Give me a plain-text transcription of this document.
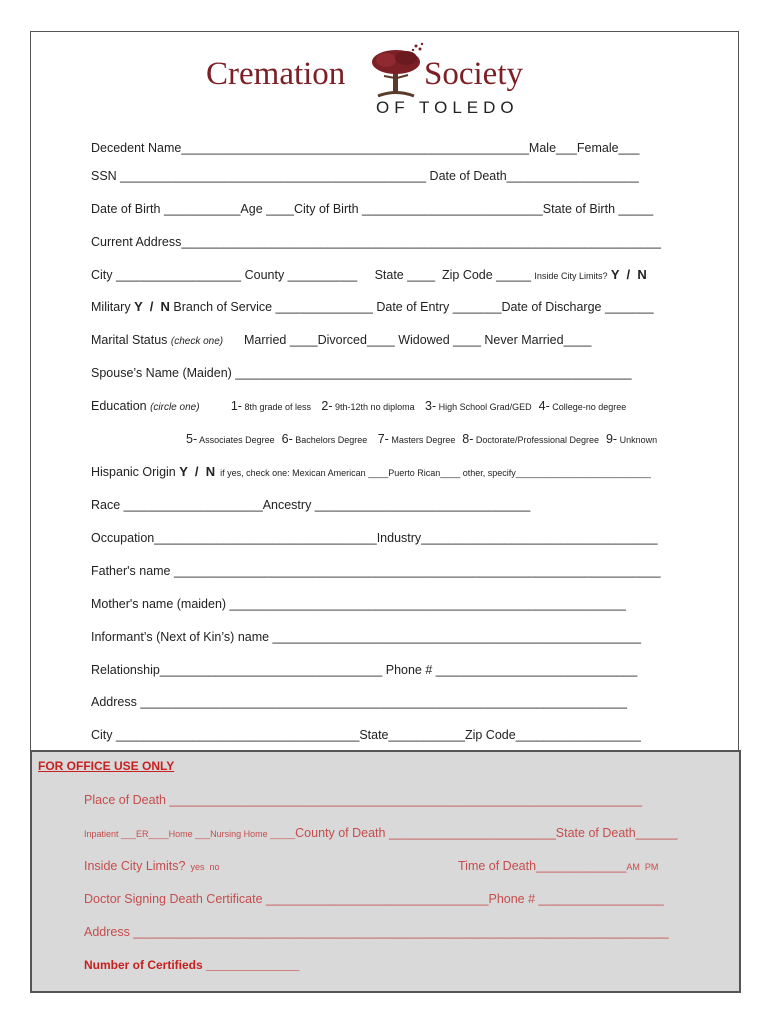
Cremation Society
OF TOLEDO
Decedent Name__________________________________________________Male___Female___
SSN ____________________________________________ Date of Death___________________
Date of Birth ___________Age ____City of Birth __________________________State of Birth _____
Current Address_____________________________________________________________________
City __________________ County __________     State ____  Zip Code _____ Inside City Limits? Y  /  N
Military Y  /  N Branch of Service ______________ Date of Entry _______Date of Discharge _______
Marital Status (check one)      Married ____Divorced____ Widowed ____ Never Married____
Spouse’s Name (Maiden) _________________________________________________________
Education (circle one)	1- 8th grade of less   2- 9th-12th no diploma   3- High School Grad/GED  4- College-no degree
5- Associates Degree  6- Bachelors Degree   7- Masters Degree  8- Doctorate/Professional Degree  9- Unknown
Hispanic Origin Y  /  N  if yes, check one: Mexican American ____Puerto Rican____ other, specify___________________________
Race ____________________Ancestry _______________________________
Occupation________________________________Industry__________________________________
Father's name ______________________________________________________________________
Mother's name (maiden) _________________________________________________________
Informant’s (Next of Kin’s) name _____________________________________________________
Relationship________________________________ Phone # _____________________________
Address ______________________________________________________________________
City ___________________________________State___________Zip Code__________________
FOR OFFICE USE ONLY
Place of Death ____________________________________________________________________
Inpatient ___ER____Home ___Nursing Home _____County of Death ________________________State of Death______
Inside City Limits?  yes  no	Time of Death_____________AM  PM
Doctor Signing Death Certificate ________________________________Phone # __________________
Address _____________________________________________________________________________
Number of Certifieds ______________
